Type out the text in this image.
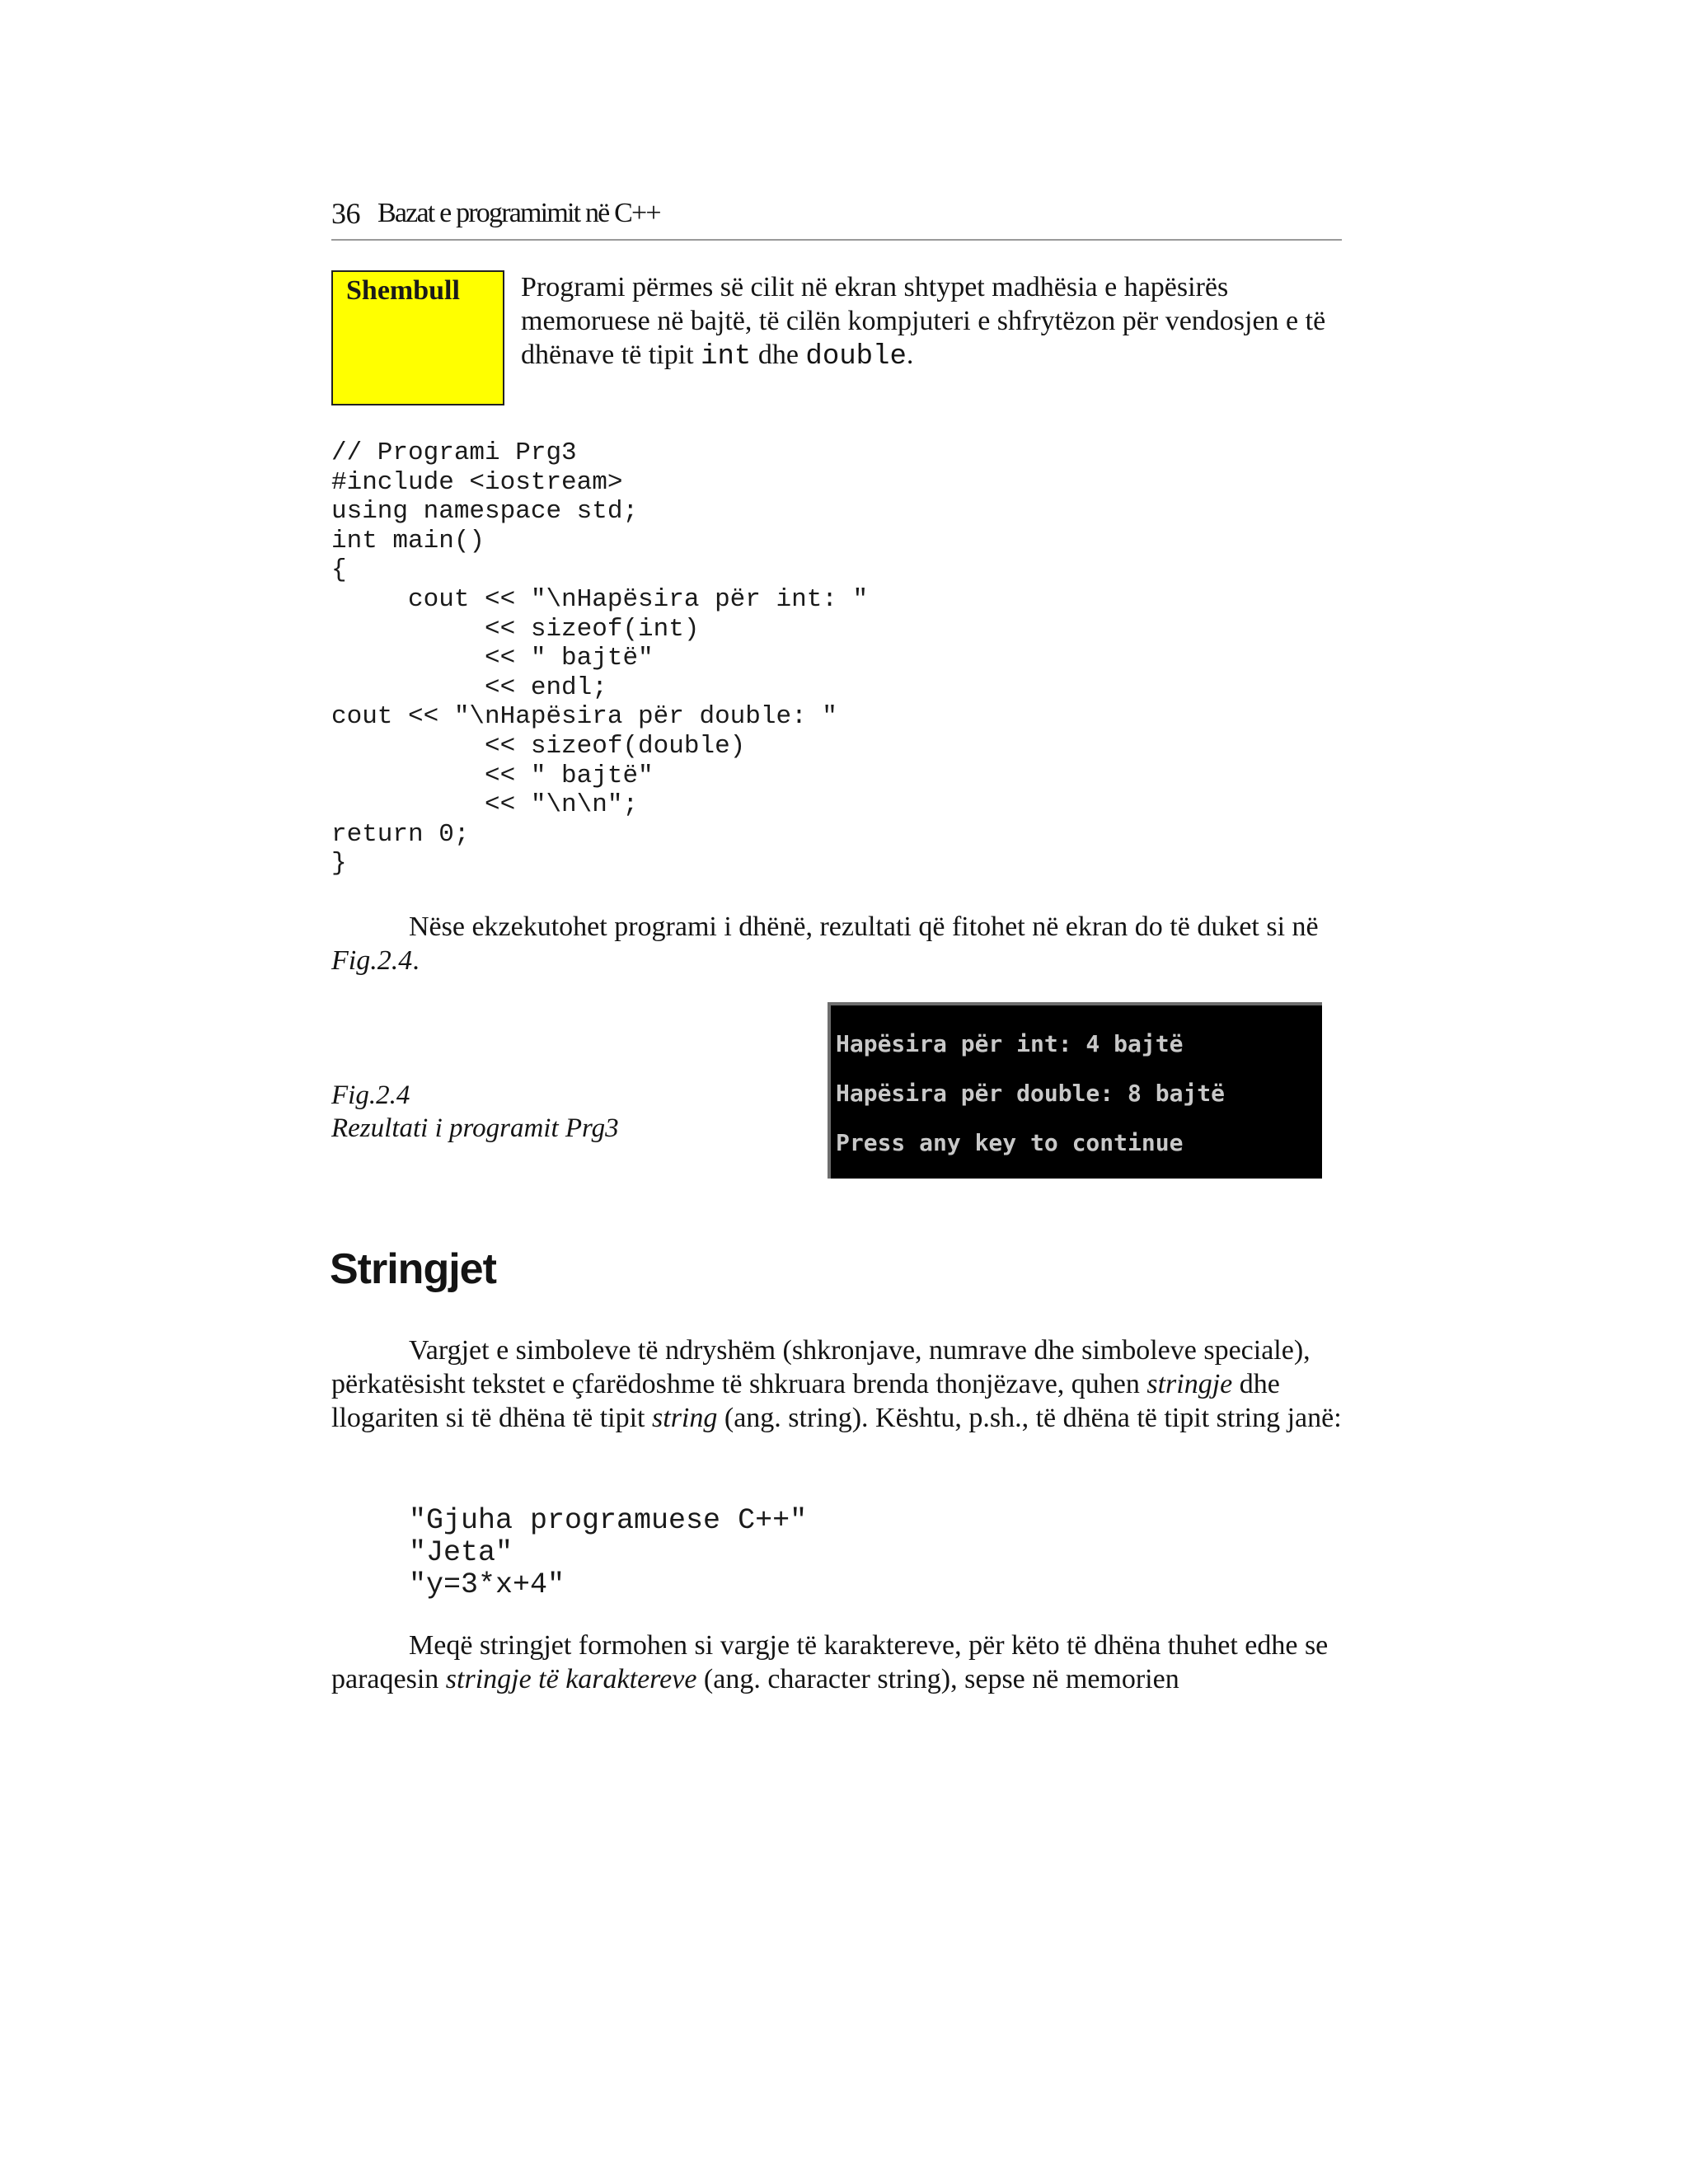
36 Bazat e programimit në C++
Shembull Programi përmes së cilit në ekran shtypet madhësia e hapësirës memoruese në bajtë, të cilën kompjuteri e shfrytëzon për vendosjen e të dhënave të tipit int dhe double.
// Programi Prg3
#include <iostream>
using namespace std;
int main()
{
cout << "\nHapësira për int: "
<< sizeof(int)
<< " bajtë"
<< endl;
cout << "\nHapësira për double: "
<< sizeof(double)
<< " bajtë"
<< "\n\n";
return 0;
}
Nëse ekzekutohet programi i dhënë, rezultati që fitohet në ekran do të duket si në Fig.2.4.
Fig.2.4
Rezultati i programit Prg3
Hapësira për int: 4 bajtë
Hapësira për double: 8 bajtë
Press any key to continue
Stringjet
Vargjet e simboleve të ndryshëm (shkronjave, numrave dhe simboleve speciale), përkatësisht tekstet e çfarëdoshme të shkruara brenda thonjëzave, quhen stringje dhe llogariten si të dhëna të tipit string (ang. string). Kështu, p.sh., të dhëna të tipit string janë:
"Gjuha programuese C++"
"Jeta"
"y=3*x+4"
Meqë stringjet formohen si vargje të karaktereve, për këto të dhëna thuhet edhe se paraqesin stringje të karaktereve (ang. character string), sepse në memorien
